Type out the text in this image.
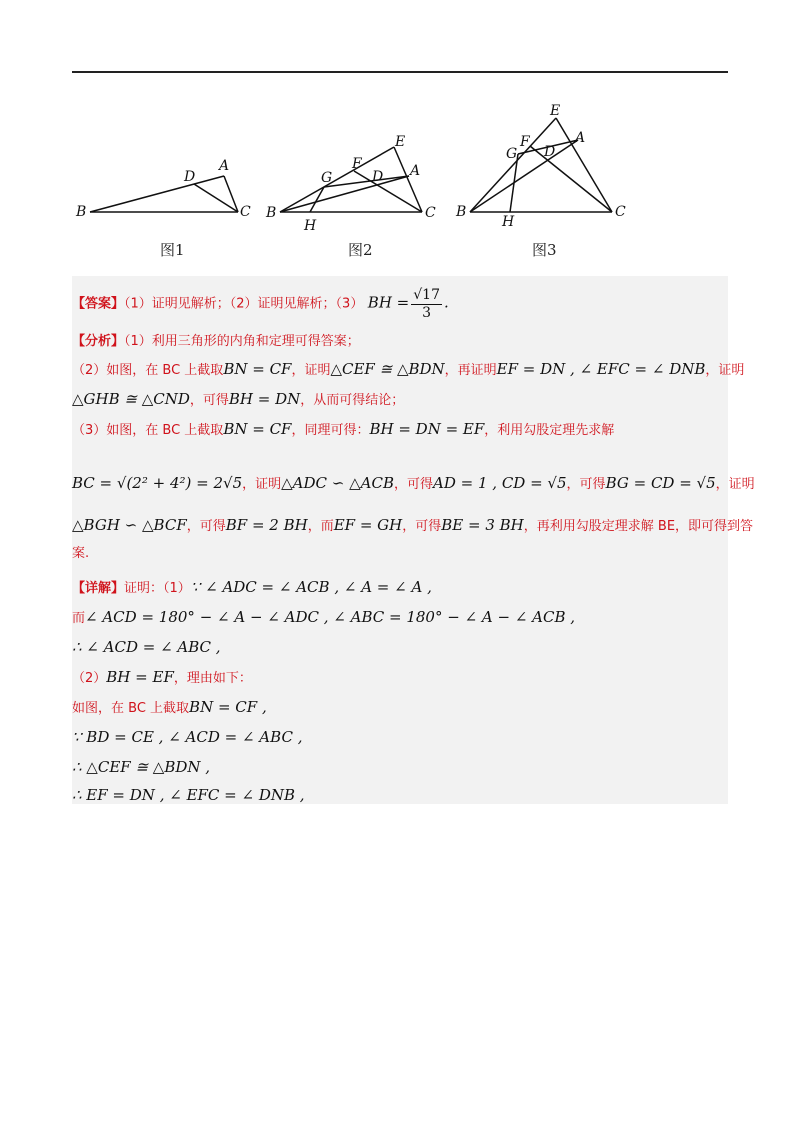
B	C
D
A
图1
B	C
E
F
G	D A
H
图2
B	C
E
F
G D
A
H
图3
【答案】（1）证明见解析；（2）证明见解析；（3） BH = $\frac{√17}{3}$ .
【分析】（1）利用三角形的内角和定理可得答案；
（2）如图，在 BC 上截取BN = CF，证明△CEF ≅ △BDN，再证明EF = DN , ∠ EFC = ∠ DNB，证明
△GHB ≅ △CND，可得BH = DN，从而可得结论；
（3）如图，在 BC 上截取BN = CF，同理可得：BH = DN = EF，利用勾股定理先求解
BC = √(2² + 4²) = 2√5，证明△ADC ∽ △ACB，可得AD = 1 , CD = √5，可得BG = CD = √5，证明
△BGH ∽ △BCF，可得BF = 2 BH，而EF = GH，可得BE = 3 BH，再利用勾股定理求解 BE，即可得到答
案.
【详解】证明：（1）∵ ∠ ADC = ∠ ACB , ∠ A = ∠ A ,
而∠ ACD = 180° − ∠ A − ∠ ADC , ∠ ABC = 180° − ∠ A − ∠ ACB ,
∴ ∠ ACD = ∠ ABC ,
（2）BH = EF，理由如下：
如图，在 BC 上截取BN = CF ,
∵ BD = CE , ∠ ACD = ∠ ABC ,
∴ △CEF ≅ △BDN ,
∴ EF = DN , ∠ EFC = ∠ DNB ,
